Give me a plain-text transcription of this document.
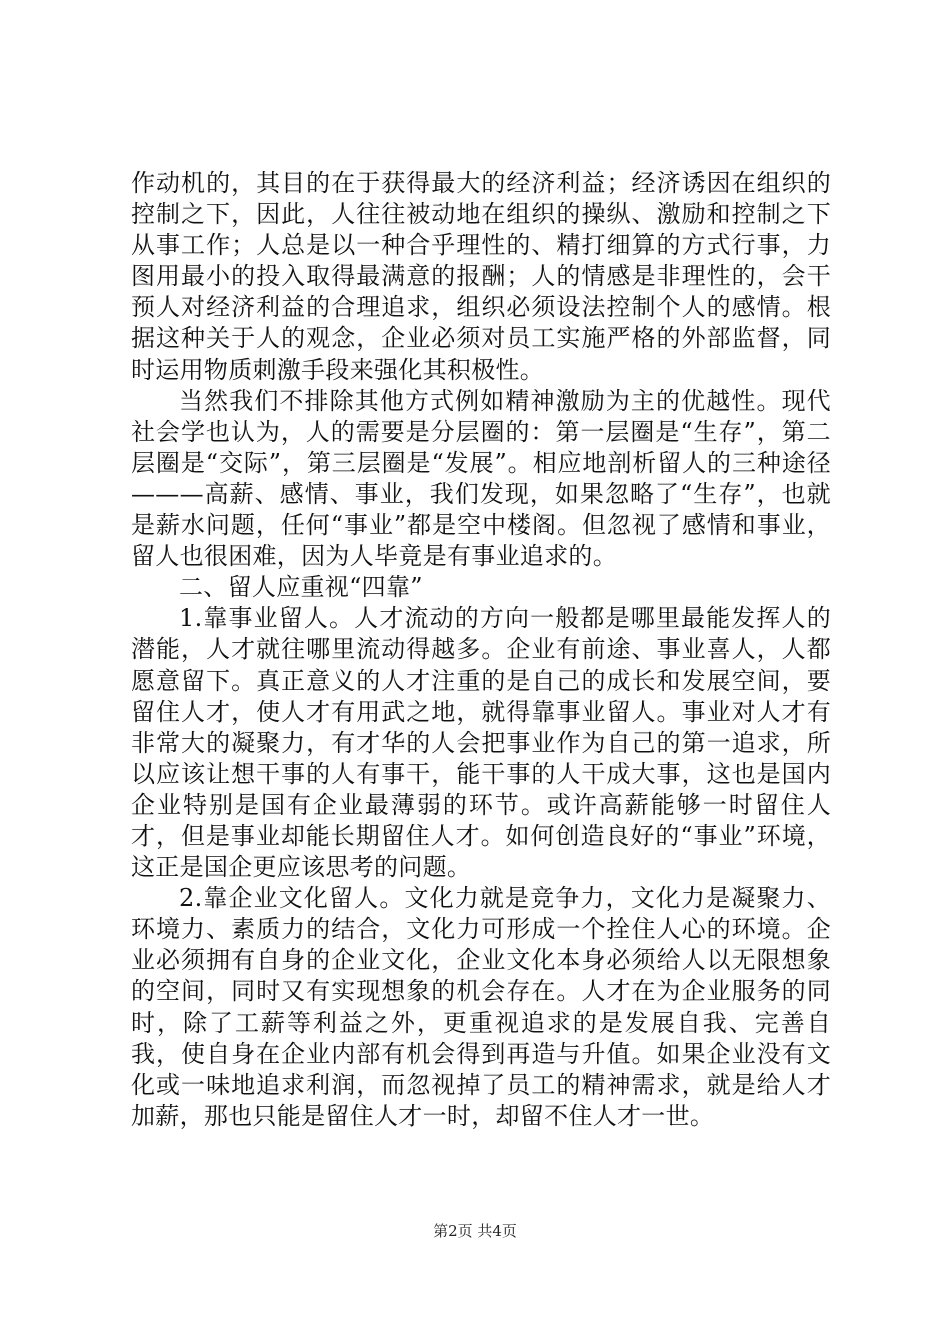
作动机的，其目的在于获得最大的经济利益；经济诱因在组织的控制之下，因此，人往往被动地在组织的操纵、激励和控制之下从事工作；人总是以一种合乎理性的、精打细算的方式行事，力图用最小的投入取得最满意的报酬；人的情感是非理性的，会干预人对经济利益的合理追求，组织必须设法控制个人的感情。根据这种关于人的观念，企业必须对员工实施严格的外部监督，同时运用物质刺激手段来强化其积极性。

当然我们不排除其他方式例如精神激励为主的优越性。现代社会学也认为，人的需要是分层圈的：第一层圈是“生存”，第二层圈是“交际”，第三层圈是“发展”。相应地剖析留人的三种途径———高薪、感情、事业，我们发现，如果忽略了“生存”，也就是薪水问题，任何“事业”都是空中楼阁。但忽视了感情和事业，留人也很困难，因为人毕竟是有事业追求的。

二、留人应重视“四靠”

1.靠事业留人。人才流动的方向一般都是哪里最能发挥人的潜能，人才就往哪里流动得越多。企业有前途、事业喜人，人都愿意留下。真正意义的人才注重的是自己的成长和发展空间，要留住人才，使人才有用武之地，就得靠事业留人。事业对人才有非常大的凝聚力，有才华的人会把事业作为自己的第一追求，所以应该让想干事的人有事干，能干事的人干成大事，这也是国内企业特别是国有企业最薄弱的环节。或许高薪能够一时留住人才，但是事业却能长期留住人才。如何创造良好的“事业”环境，这正是国企更应该思考的问题。

2.靠企业文化留人。文化力就是竞争力，文化力是凝聚力、环境力、素质力的结合，文化力可形成一个拴住人心的环境。企业必须拥有自身的企业文化，企业文化本身必须给人以无限想象的空间，同时又有实现想象的机会存在。人才在为企业服务的同时，除了工薪等利益之外，更重视追求的是发展自我、完善自我，使自身在企业内部有机会得到再造与升值。如果企业没有文化或一味地追求利润，而忽视掉了员工的精神需求，就是给人才加薪，那也只能是留住人才一时，却留不住人才一世。

第2页 共4页
